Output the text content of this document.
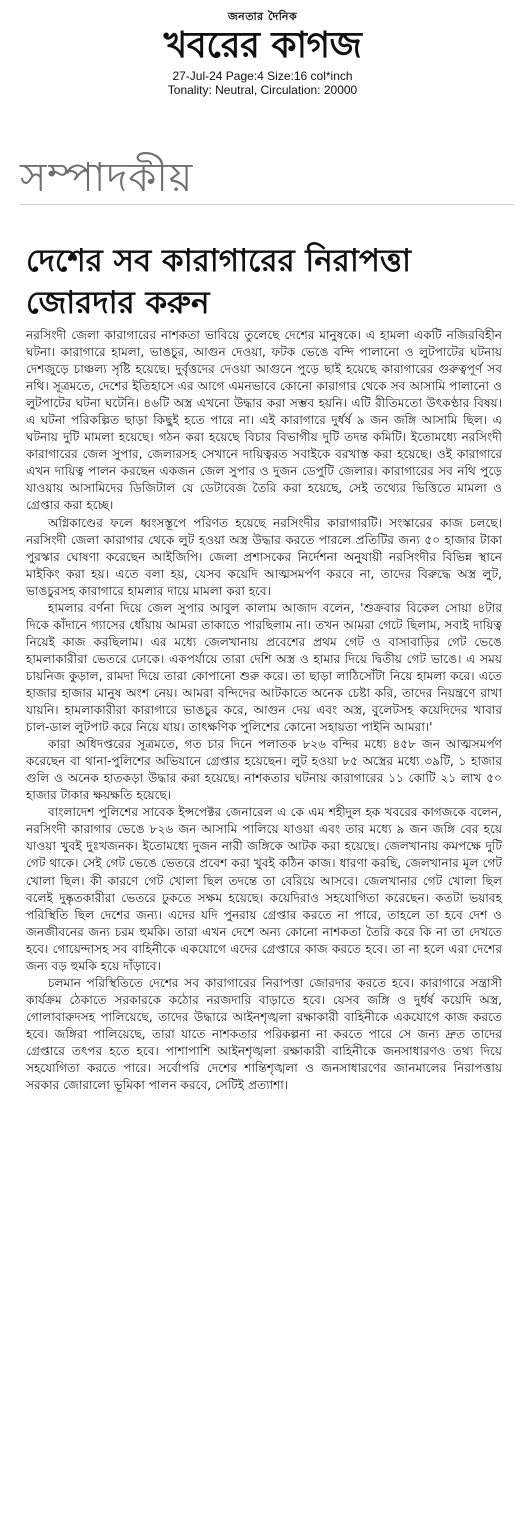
জনতার দৈনিক
খবরের কাগজ
27-Jul-24 Page:4 Size:16 col*inch
Tonality: Neutral, Circulation: 20000
সম্পাদকীয়
দেশের সব কারাগারের নিরাপত্তা জোরদার করুন

নরসিংদী জেলা কারাগারের নাশকতা ভাবিয়ে তুলেছে দেশের মানুষকে। এ হামলা একটি নজিরবিহীন ঘটনা। কারাগারে হামলা, ভাঙচুর, আগুন দেওয়া, ফটক ভেঙে বন্দি পালানো ও লুটপাটের ঘটনায় দেশজুড়ে চাঞ্চল্য সৃষ্টি হয়েছে। দুর্বৃত্তদের দেওয়া আগুনে পুড়ে ছাই হয়েছে কারাগারের গুরুত্বপূর্ণ সব নথি। সূত্রমতে, দেশের ইতিহাসে এর আগে এমনভাবে কোনো কারাগার থেকে সব আসামি পালানো ও লুটপাটের ঘটনা ঘটেনি। ৪৬টি অস্ত্র এখনো উদ্ধার করা সম্ভব হয়নি। এটি রীতিমতো উৎকণ্ঠার বিষয়। এ ঘটনা পরিকল্পিত ছাড়া কিছুই হতে পারে না। এই কারাগারে দুর্ধর্ষ ৯ জন জঙ্গি আসামি ছিল। এ ঘটনায় দুটি মামলা হয়েছে। গঠন করা হয়েছে বিচার বিভাগীয় দুটি তদন্ত কমিটি। ইতোমধ্যে নরসিংদী কারাগারের জেল সুপার, জেলারসহ সেখানে দায়িত্বরত সবাইকে বরখাস্ত করা হয়েছে। ওই কারাগারে এখন দায়িত্ব পালন করছেন একজন জেল সুপার ও দুজন ডেপুটি জেলার। কারাগারের সব নথি পুড়ে যাওয়ায় আসামিদের ডিজিটাল যে ডেটাবেজ তৈরি করা হয়েছে, সেই তথ্যের ভিত্তিতে মামলা ও গ্রেপ্তার করা হচ্ছে।

অগ্নিকাণ্ডের ফলে ধ্বংসস্তূপে পরিণত হয়েছে নরসিংদীর কারাগারটি। সংস্কারের কাজ চলছে। নরসিংদী জেলা কারাগার থেকে লুট হওয়া অস্ত্র উদ্ধার করতে পারলে প্রতিটির জন্য ৫০ হাজার টাকা পুরস্কার ঘোষণা করেছেন আইজিপি। জেলা প্রশাসকের নির্দেশনা অনুযায়ী নরসিংদীর বিভিন্ন স্থানে মাইকিং করা হয়। এতে বলা হয়, যেসব কয়েদি আত্মসমর্পণ করবে না, তাদের বিরুদ্ধে অস্ত্র লুট, ভাঙচুরসহ কারাগারে হামলার দায়ে মামলা করা হবে।

হামলার বর্ণনা দিয়ে জেল সুপার আবুল কালাম আজাদ বলেন, 'শুক্রবার বিকেল সোয়া ৪টার দিকে কাঁদানে গ্যাসের ধোঁয়ায় আমরা তাকাতে পারছিলাম না। তখন আমরা গেটে ছিলাম, সবাই দায়িত্ব নিয়েই কাজ করছিলাম। এর মধ্যে জেলখানায় প্রবেশের প্রথম গেট ও বাসাবাড়ির গেট ভেঙে হামলাকারীরা ভেতরে ঢোকে। একপর্যায়ে তারা দেশি অস্ত্র ও হামার দিয়ে দ্বিতীয় গেট ভাঙে। এ সময় চায়নিজ কুড়াল, রামদা দিয়ে তারা কোপানো শুরু করে। তা ছাড়া লাঠিসোঁটা নিয়ে হামলা করে। এতে হাজার হাজার মানুষ অংশ নেয়। আমরা বন্দিদের আটকাতে অনেক চেষ্টা করি, তাদের নিয়ন্ত্রণে রাখা যায়নি। হামলাকারীরা কারাগারে ভাঙচুর করে, আগুন দেয় এবং অস্ত্র, বুলেটসহ কয়েদিদের খাবার চাল-ডাল লুটপাট করে নিয়ে যায়। তাৎক্ষণিক পুলিশের কোনো সহায়তা পাইনি আমরা।'

কারা অধিদপ্তরের সূত্রমতে, গত চার দিনে পলাতক ৮২৬ বন্দির মধ্যে ৪৫৮ জন আত্মসমর্পণ করেছেন বা থানা-পুলিশের অভিযানে গ্রেপ্তার হয়েছেন। লুট হওয়া ৮৫ অস্ত্রের মধ্যে ৩৯টি, ১ হাজার গুলি ও অনেক হাতকড়া উদ্ধার করা হয়েছে। নাশকতার ঘটনায় কারাগারের ১১ কোটি ২১ লাখ ৫০ হাজার টাকার ক্ষয়ক্ষতি হয়েছে।

বাংলাদেশ পুলিশের সাবেক ইন্সপেক্টর জেনারেল এ কে এম শহীদুল হক খবরের কাগজকে বলেন, নরসিংদী কারাগার ভেঙে ৮২৬ জন আসামি পালিয়ে যাওয়া এবং তার মধ্যে ৯ জন জঙ্গি বের হয়ে যাওয়া খুবই দুঃখজনক। ইতোমধ্যে দুজন নারী জঙ্গিকে আটক করা হয়েছে। জেলখানায় কমপক্ষে দুটি গেট থাকে। সেই গেট ভেঙে ভেতরে প্রবেশ করা খুবই কঠিন কাজ। ধারণা করছি, জেলখানার মূল গেট খোলা ছিল। কী কারণে গেট খোলা ছিল তদন্তে তা বেরিয়ে আসবে। জেলখানার গেট খোলা ছিল বলেই দুষ্কৃতকারীরা ভেতরে ঢুকতে সক্ষম হয়েছে। কয়েদিরাও সহযোগিতা করেছেন। কতটা ভয়াবহ পরিস্থিতি ছিল দেশের জন্য। এদের যদি পুনরায় গ্রেপ্তার করতে না পারে, তাহলে তা হবে দেশ ও জনজীবনের জন্য চরম হুমকি। তারা এখন দেশে অন্য কোনো নাশকতা তৈরি করে কি না তা দেখতে হবে। গোয়েন্দাসহ সব বাহিনীকে একযোগে এদের গ্রেপ্তারে কাজ করতে হবে। তা না হলে এরা দেশের জন্য বড় হুমকি হয়ে দাঁড়াবে।

চলমান পরিস্থিতিতে দেশের সব কারাগারের নিরাপত্তা জোরদার করতে হবে। কারাগারে সন্ত্রাসী কার্যক্রম ঠেকাতে সরকারকে কঠোর নরজদারি বাড়াতে হবে। যেসব জঙ্গি ও দুর্ধর্ষ কয়েদি অস্ত্র, গোলাবারুদসহ পালিয়েছে, তাদের উদ্ধারে আইনশৃঙ্খলা রক্ষাকারী বাহিনীকে একযোগে কাজ করতে হবে। জঙ্গিরা পালিয়েছে, তারা যাতে নাশকতার পরিকল্পনা না করতে পারে সে জন্য দ্রুত তাদের গ্রেপ্তারে তৎপর হতে হবে। পাশাপাশি আইনশৃঙ্খলা রক্ষাকারী বাহিনীকে জনসাধারণও তথ্য দিয়ে সহযোগিতা করতে পারে। সর্বোপরি দেশের শান্তিশৃঙ্খলা ও জনসাধারণের জানমালের নিরাপত্তায় সরকার জোরালো ভূমিকা পালন করবে, সেটিই প্রত্যাশা।
